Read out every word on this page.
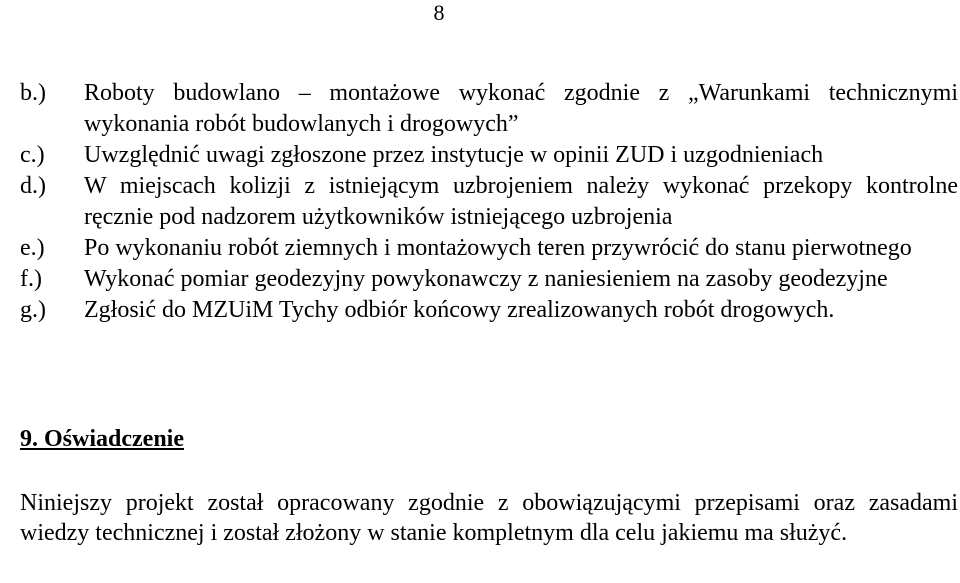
8
b.)	Roboty budowlano – montażowe wykonać zgodnie z „Warunkami technicznymi wykonania robót budowlanych i drogowych”
c.)	Uwzględnić uwagi zgłoszone przez instytucje w opinii ZUD i uzgodnieniach
d.)	W miejscach kolizji z istniejącym uzbrojeniem należy wykonać przekopy kontrolne ręcznie pod nadzorem użytkowników istniejącego uzbrojenia
e.)	Po wykonaniu robót ziemnych i montażowych teren przywrócić do stanu pierwotnego
f.)	Wykonać pomiar geodezyjny powykonawczy z naniesieniem na zasoby geodezyjne
g.)	Zgłosić do MZUiM Tychy odbiór końcowy zrealizowanych robót drogowych.
9. Oświadczenie
Niniejszy projekt został opracowany zgodnie z obowiązującymi przepisami oraz zasadami wiedzy technicznej i został złożony w stanie kompletnym dla celu jakiemu ma służyć.
